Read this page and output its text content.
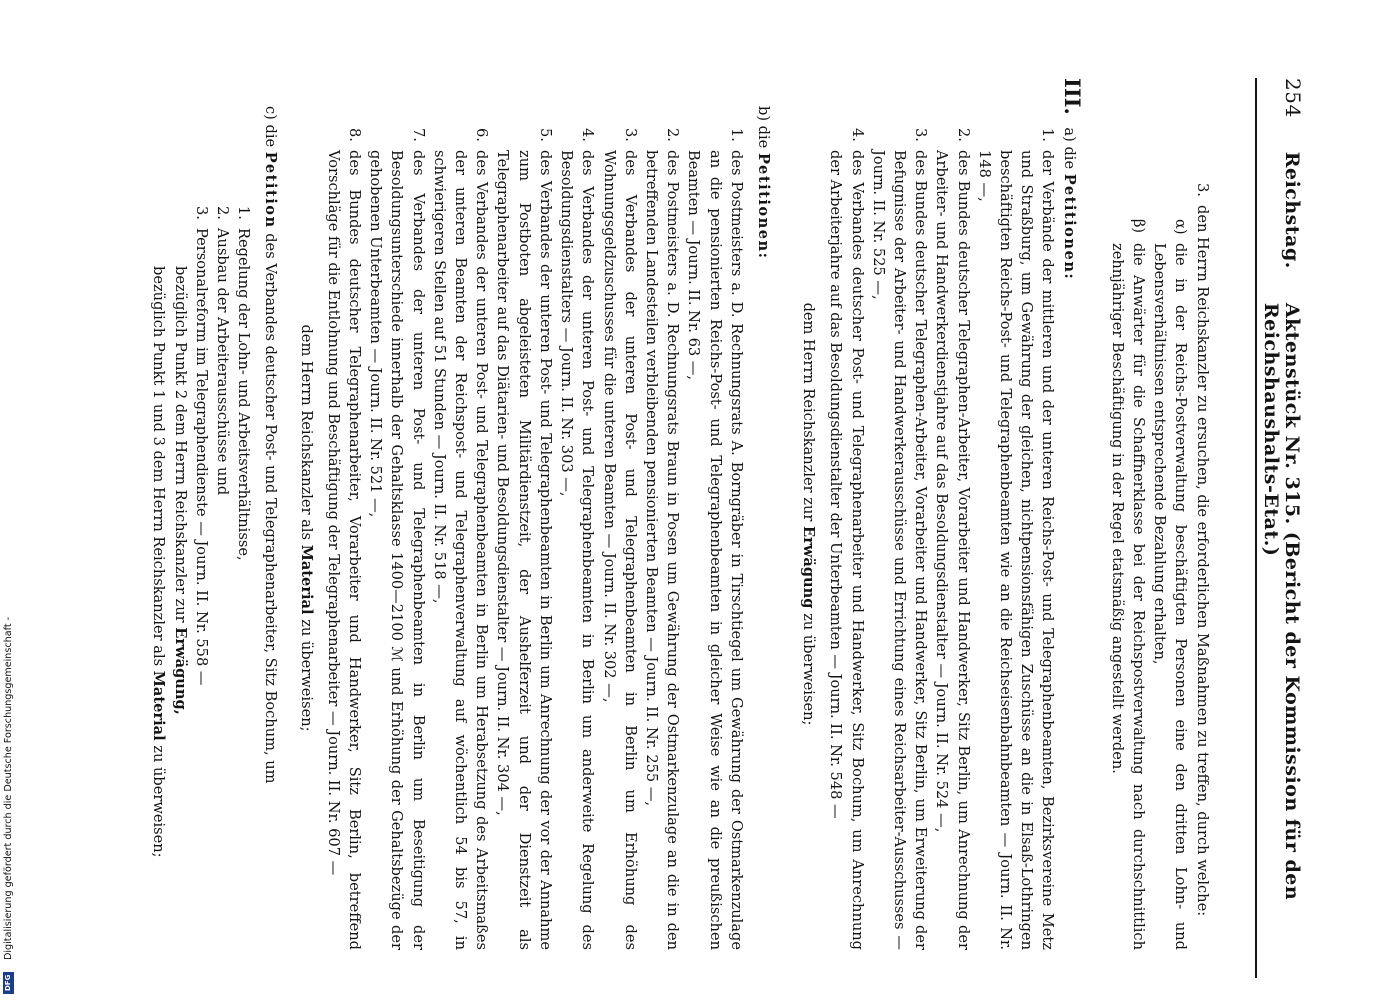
254
Reichstag.
Aktenstück Nr. 315. (Bericht der Kommission für den Reichshaushalts-Etat.)
3.
den Herrn Reichskanzler zu ersuchen, die erforderlichen Maßnahmen zu treffen, durch welche:
α)
die in der Reichs-Postverwaltung beschäftigten Personen eine den dritten Lohn- und Lebensverhältnissen entsprechende Bezahlung erhalten,
β)
die Anwärter für die Schaffnerklasse bei der Reichspostverwaltung nach durchschnittlich zehnjähriger Beschäftigung in der Regel etatsmäßig angestellt werden.

III. a) die Petitionen:

1.
der Verbände der mittleren und der unteren Reichs-Post- und Telegraphenbeamten, Bezirksvereine Metz und Straßburg, um Gewährung der gleichen, nichtpensionsfähigen Zuschüsse an die in Elsaß-Lothringen beschäftigten Reichs-Post- und Telegraphenbeamten wie an die Reichseisenbahnbeamten — Journ. II. Nr. 148 —,
2.
des Bundes deutscher Telegraphen-Arbeiter, Vorarbeiter und Handwerker, Sitz Berlin, um Anrechnung der Arbeiter- und Handwerkerdienstjahre auf das Besoldungsdienstalter — Journ. II. Nr. 524 —,
3.
des Bundes deutscher Telegraphen-Arbeiter, Vorarbeiter und Handwerker, Sitz Berlin, um Erweiterung der Befugnisse der Arbeiter- und Handwerkerausschüsse und Errichtung eines Reichsarbeiter-Ausschusses — Journ. II. Nr. 525 —,
4.
des Verbandes deutscher Post- und Telegraphenarbeiter und Handwerker, Sitz Bochum, um Anrechnung der Arbeiterjahre auf das Besoldungsdienstalter der Unterbeamten — Journ. II. Nr. 548 —

dem Herrn Reichskanzler zur Erwägung zu überweisen;

b) die Petitionen:

1.
des Postmeisters a. D. Rechnungsrats A. Borngräber in Tirschtiegel um Gewährung der Ostmarkenzulage an die pensionierten Reichs-Post- und Telegraphenbeamten in gleicher Weise wie an die preußischen Beamten — Journ. II. Nr. 63 —,
2.
des Postmeisters a. D. Rechnungsrats Braun in Posen um Gewährung der Ostmarkenzulage an die in den betreffenden Landesteilen verbleibenden pensionierten Beamten — Journ. II. Nr. 255 —,
3.
des Verbandes der unteren Post- und Telegraphenbeamten in Berlin um Erhöhung des Wohnungsgeldzuschusses für die unteren Beamten — Journ. II. Nr. 302 —,
4.
des Verbandes der unteren Post- und Telegraphenbeamten in Berlin um anderweite Regelung des Besoldungsdienstalters — Journ. II. Nr. 303 —,
5.
des Verbandes der unteren Post- und Telegraphenbeamten in Berlin um Anrechnung der vor der Annahme zum Postboten abgeleisteten Militärdienstzeit, der Aushelferzeit und der Dienstzeit als Telegraphenarbeiter auf das Diätarien- und Besoldungsdienstalter — Journ. II. Nr. 304 —,
6.
des Verbandes der unteren Post- und Telegraphenbeamten in Berlin um Herabsetzung des Arbeitsmaßes der unteren Beamten der Reichspost- und Telegraphenverwaltung auf wöchentlich 54 bis 57, in schwierigeren Stellen auf 51 Stunden — Journ. II. Nr. 518 —,
7.
des Verbandes der unteren Post- und Telegraphenbeamten in Berlin um Beseitigung der Besoldungsunterschiede innerhalb der Gehaltsklasse 1400—2100 ℳ und Erhöhung der Gehaltsbezüge der gehobenen Unterbeamten — Journ. II. Nr. 521 —,
8.
des Bundes deutscher Telegraphenarbeiter, Vorarbeiter und Handwerker, Sitz Berlin, betreffend Vorschläge für die Entlohnung und Beschäftigung der Telegraphenarbeiter — Journ. II. Nr. 607 —

dem Herrn Reichskanzler als Material zu überweisen;

c) die Petition des Verbandes deutscher Post- und Telegraphenarbeiter, Sitz Bochum, um

1.
Regelung der Lohn- und Arbeitsverhältnisse,
2.
Ausbau der Arbeiterausschüsse und
3.
Personalreform im Telegraphendienste — Journ. II. Nr. 558 —
bezüglich Punkt 2 dem Herrn Reichskanzler zur Erwägung,
bezüglich Punkt 1 und 3 dem Herrn Reichskanzler als Material zu überweisen;
Digitalisierung gefördert durch die Deutsche Forschungsgemeinschaft -
DFG
